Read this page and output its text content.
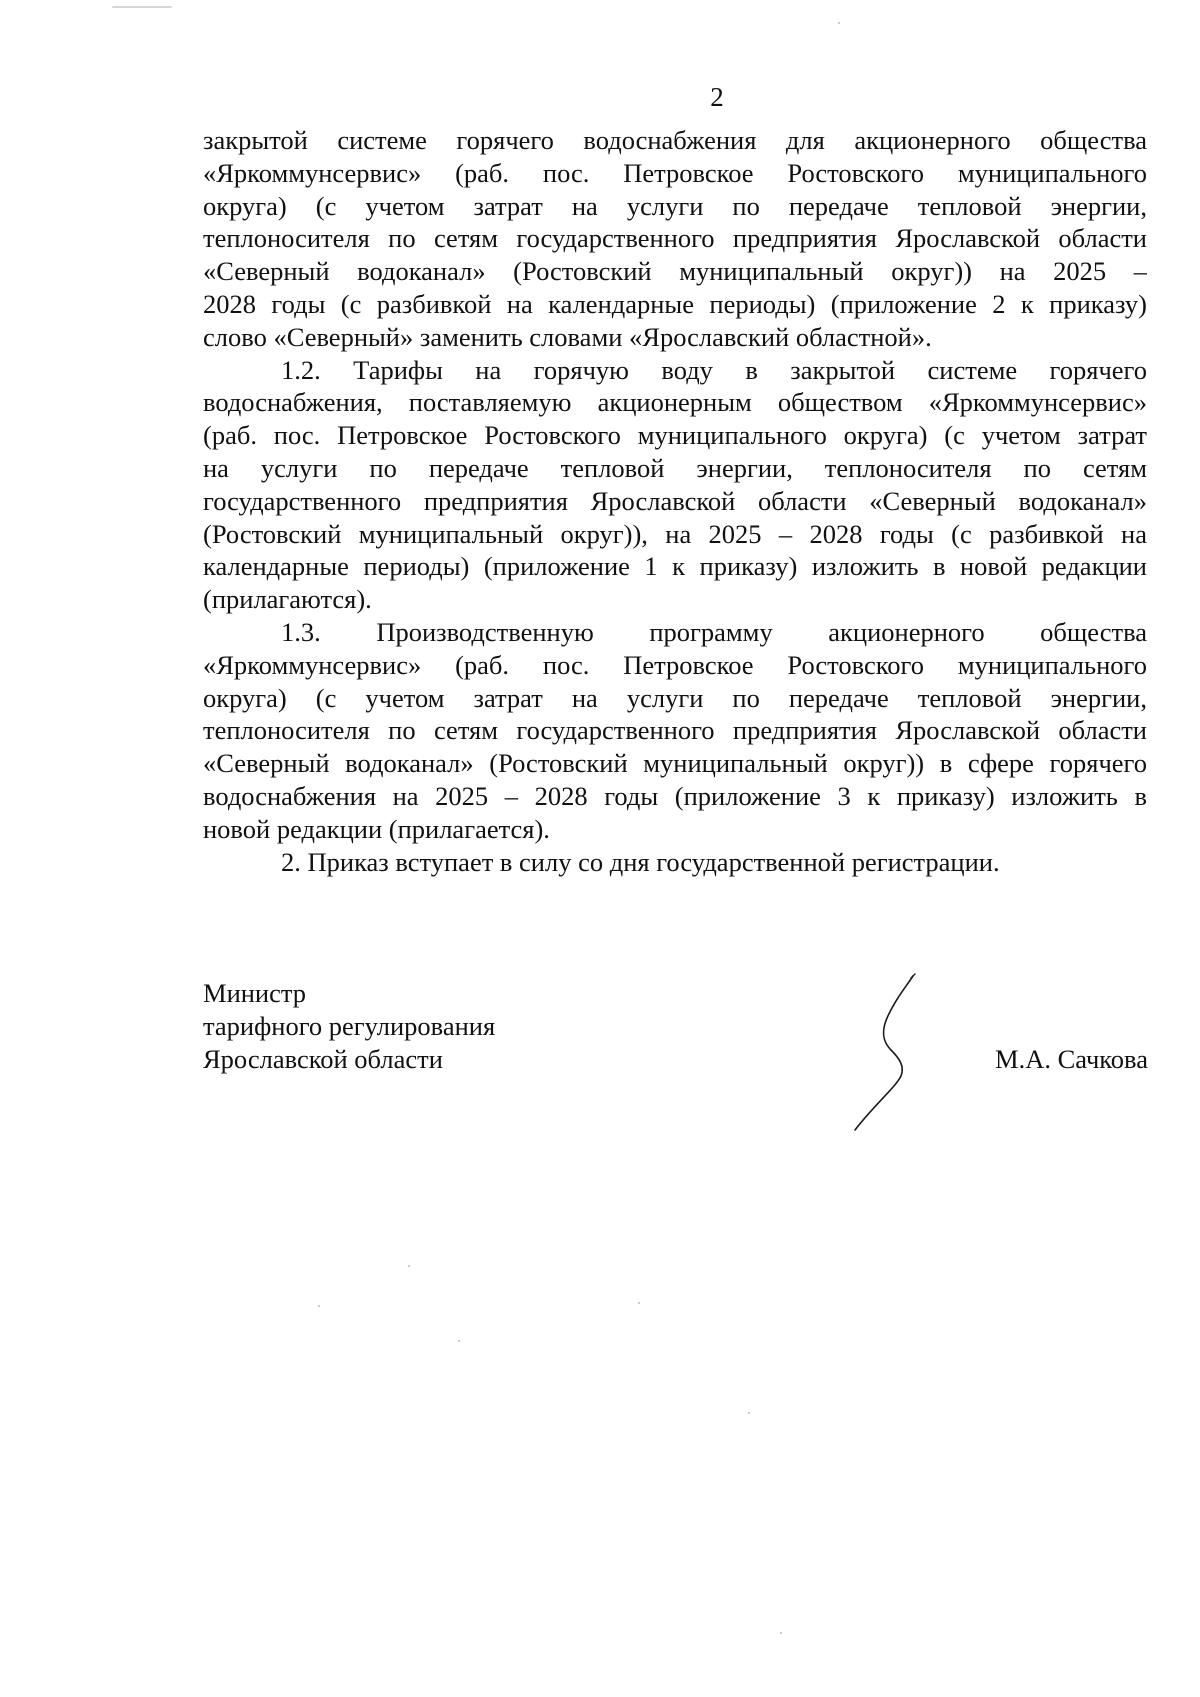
2
закрытой системе горячего водоснабжения для акционерного общества
«Яркоммунсервис» (раб. пос. Петровское Ростовского муниципального
округа) (с учетом затрат на услуги по передаче тепловой энергии,
теплоносителя по сетям государственного предприятия Ярославской области
«Северный водоканал» (Ростовский муниципальный округ)) на 2025 –
2028 годы (с разбивкой на календарные периоды) (приложение 2 к приказу)
слово «Северный» заменить словами «Ярославский областной».
1.2. Тарифы на горячую воду в закрытой системе горячего
водоснабжения, поставляемую акционерным обществом «Яркоммунсервис»
(раб. пос. Петровское Ростовского муниципального округа) (с учетом затрат
на услуги по передаче тепловой энергии, теплоносителя по сетям
государственного предприятия Ярославской области «Северный водоканал»
(Ростовский муниципальный округ)), на 2025 – 2028 годы (с разбивкой на
календарные периоды) (приложение 1 к приказу) изложить в новой редакции
(прилагаются).
1.3. Производственную программу акционерного общества
«Яркоммунсервис» (раб. пос. Петровское Ростовского муниципального
округа) (с учетом затрат на услуги по передаче тепловой энергии,
теплоносителя по сетям государственного предприятия Ярославской области
«Северный водоканал» (Ростовский муниципальный округ)) в сфере горячего
водоснабжения на 2025 – 2028 годы (приложение 3 к приказу) изложить в
новой редакции (прилагается).
2. Приказ вступает в силу со дня государственной регистрации.
Министр
тарифного регулирования
Ярославской области	М.А. Сачкова
